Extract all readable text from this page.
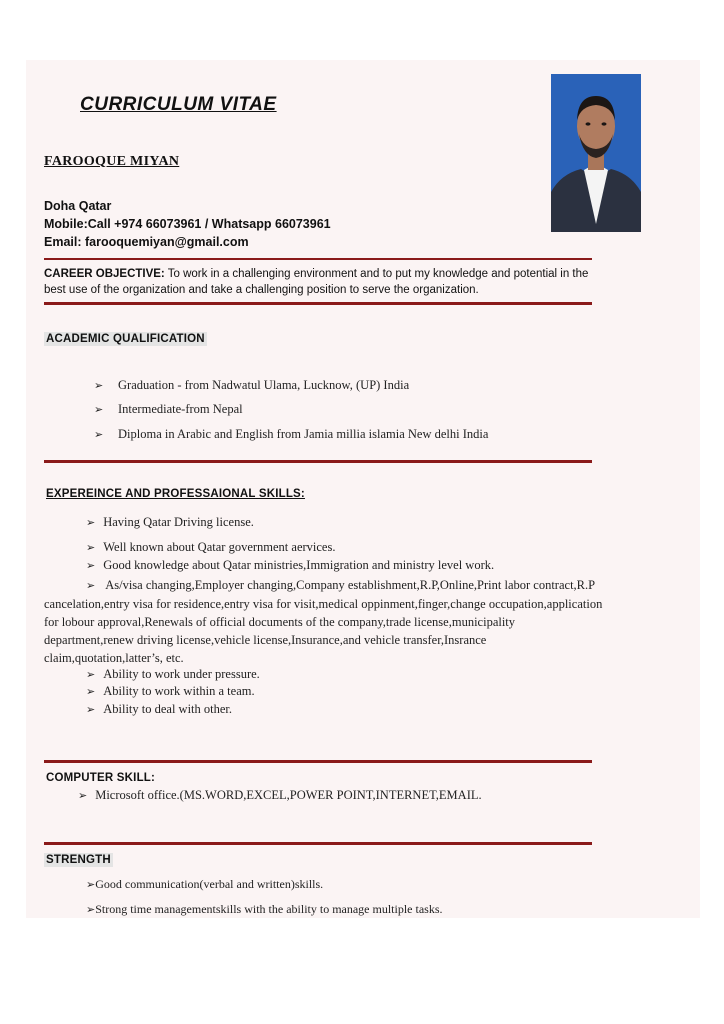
CURRICULUM VITAE
FAROOQUE MIYAN
Doha Qatar
Mobile:Call +974 66073961 / Whatsapp 66073961
Email: farooquemiyan@gmail.com
CAREER OBJECTIVE: To work in a challenging environment and to put my knowledge and potential in the best use of the organization and take a challenging position to serve the organization.
ACADEMIC QUALIFICATION
➢ Graduation - from Nadwatul Ulama, Lucknow, (UP) India
➢ Intermediate-from Nepal
➢ Diploma in Arabic and English from Jamia millia islamia New delhi India
EXPEREINCE AND PROFESSAIONAL SKILLS:
➢ Having Qatar Driving license.
➢ Well known about Qatar government aervices.
➢ Good knowledge about Qatar ministries,Immigration and ministry level work.
➢ As/visa changing,Employer changing,Company establishment,R.P,Online,Print labor contract,R.P cancelation,entry visa for residence,entry visa for visit,medical oppinment,finger,change occupation,application for lobour approval,Renewals of official documents of the company,trade license,municipality department,renew driving license,vehicle license,Insurance,and vehicle transfer,Insrance claim,quotation,latter’s, etc.
➢ Ability to work under pressure.
➢ Ability to work within a team.
➢ Ability to deal with other.
COMPUTER SKILL:
➢ Microsoft office.(MS.WORD,EXCEL,POWER POINT,INTERNET,EMAIL.
STRENGTH
➢Good communication(verbal and written)skills.
➢Strong time managementskills with the ability to manage multiple tasks.
